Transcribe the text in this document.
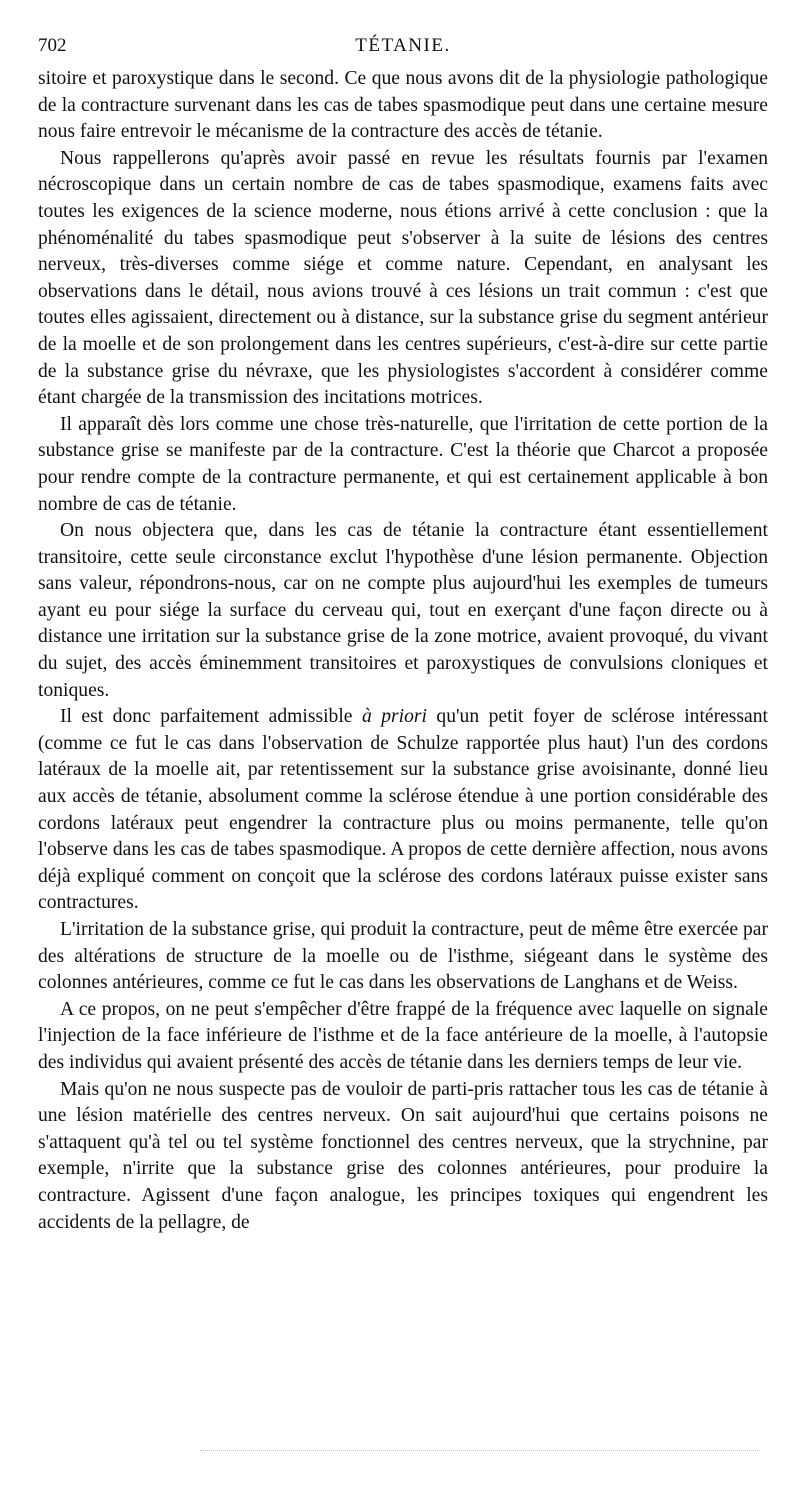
702	TÉTANIE.

sitoire et paroxystique dans le second. Ce que nous avons dit de la physiologie pathologique de la contracture survenant dans les cas de tabes spasmodique peut dans une certaine mesure nous faire entrevoir le mécanisme de la contracture des accès de tétanie.

Nous rappellerons qu'après avoir passé en revue les résultats fournis par l'examen nécroscopique dans un certain nombre de cas de tabes spasmodique, examens faits avec toutes les exigences de la science moderne, nous étions arrivé à cette conclusion : que la phénoménalité du tabes spasmodique peut s'observer à la suite de lésions des centres nerveux, très-diverses comme siége et comme nature. Cependant, en analysant les observations dans le détail, nous avions trouvé à ces lésions un trait commun : c'est que toutes elles agissaient, directement ou à distance, sur la substance grise du segment antérieur de la moelle et de son prolongement dans les centres supérieurs, c'est-à-dire sur cette partie de la substance grise du névraxe, que les physiologistes s'accordent à considérer comme étant chargée de la transmission des incitations motrices.

Il apparaît dès lors comme une chose très-naturelle, que l'irritation de cette portion de la substance grise se manifeste par de la contracture. C'est la théorie que Charcot a proposée pour rendre compte de la contracture permanente, et qui est certainement applicable à bon nombre de cas de tétanie.

On nous objectera que, dans les cas de tétanie la contracture étant essentiellement transitoire, cette seule circonstance exclut l'hypothèse d'une lésion permanente. Objection sans valeur, répondrons-nous, car on ne compte plus aujourd'hui les exemples de tumeurs ayant eu pour siége la surface du cerveau qui, tout en exerçant d'une façon directe ou à distance une irritation sur la substance grise de la zone motrice, avaient provoqué, du vivant du sujet, des accès éminemment transitoires et paroxystiques de convulsions cloniques et toniques.

Il est donc parfaitement admissible à priori qu'un petit foyer de sclérose intéressant (comme ce fut le cas dans l'observation de Schulze rapportée plus haut) l'un des cordons latéraux de la moelle ait, par retentissement sur la substance grise avoisinante, donné lieu aux accès de tétanie, absolument comme la sclérose étendue à une portion considérable des cordons latéraux peut engendrer la contracture plus ou moins permanente, telle qu'on l'observe dans les cas de tabes spasmodique. A propos de cette dernière affection, nous avons déjà expliqué comment on conçoit que la sclérose des cordons latéraux puisse exister sans contractures.

L'irritation de la substance grise, qui produit la contracture, peut de même être exercée par des altérations de structure de la moelle ou de l'isthme, siégeant dans le système des colonnes antérieures, comme ce fut le cas dans les observations de Langhans et de Weiss.

A ce propos, on ne peut s'empêcher d'être frappé de la fréquence avec laquelle on signale l'injection de la face inférieure de l'isthme et de la face antérieure de la moelle, à l'autopsie des individus qui avaient présenté des accès de tétanie dans les derniers temps de leur vie.

Mais qu'on ne nous suspecte pas de vouloir de parti-pris rattacher tous les cas de tétanie à une lésion matérielle des centres nerveux. On sait aujourd'hui que certains poisons ne s'attaquent qu'à tel ou tel système fonctionnel des centres nerveux, que la strychnine, par exemple, n'irrite que la substance grise des colonnes antérieures, pour produire la contracture. Agissent d'une façon analogue, les principes toxiques qui engendrent les accidents de la pellagre, de
